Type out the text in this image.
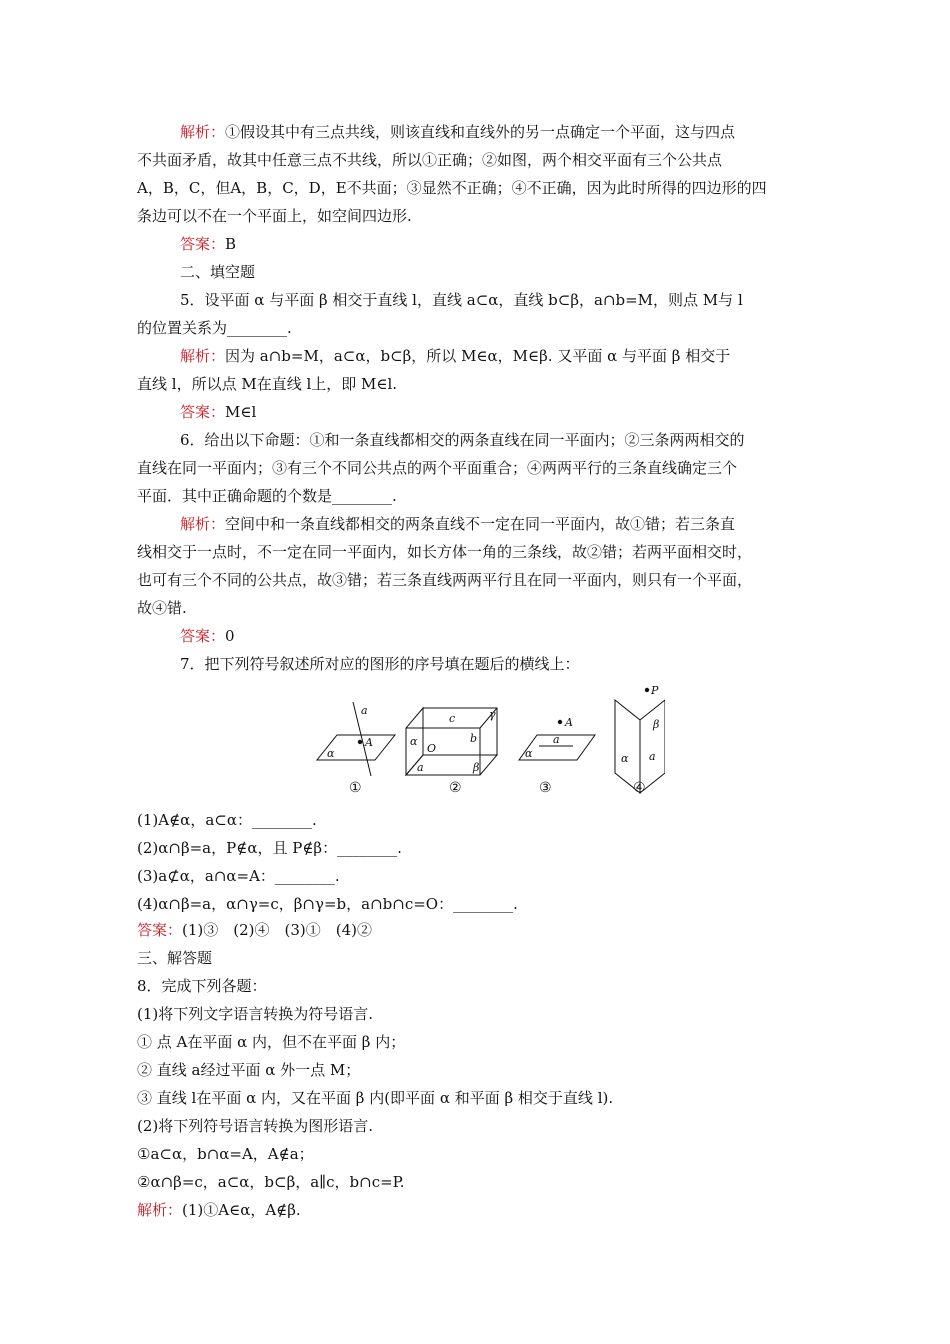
解析：①假设其中有三点共线，则该直线和直线外的另一点确定一个平面，这与四点
不共面矛盾，故其中任意三点不共线，所以①正确；②如图，两个相交平面有三个公共点
A，B，C，但A，B，C，D，E不共面；③显然不正确；④不正确，因为此时所得的四边形的四
条边可以不在一个平面上，如空间四边形.
答案：B
二、填空题
5．设平面 α 与平面 β 相交于直线 l，直线 a⊂α，直线 b⊂β，a∩b=M，则点 M与 l
的位置关系为________.
解析：因为 a∩b=M，a⊂α，b⊂β，所以 M∈α，M∈β. 又平面 α 与平面 β 相交于
直线 l，所以点 M在直线 l上，即 M∈l.
答案：M∈l
6．给出以下命题：①和一条直线都相交的两条直线在同一平面内；②三条两两相交的
直线在同一平面内；③有三个不同公共点的两个平面重合；④两两平行的三条直线确定三个
平面．其中正确命题的个数是________.
解析：空间中和一条直线都相交的两条直线不一定在同一平面内，故①错；若三条直
线相交于一点时，不一定在同一平面内，如长方体一角的三条线，故②错；若两平面相交时，
也可有三个不同的公共点，故③错；若三条直线两两平行且在同一平面内，则只有一个平面，
故④错.
答案：0
7．把下列符号叙述所对应的图形的序号填在题后的横线上：
a
A
α
①
c	γ
b
α
O
a	β
②
A
a
α
③
P
β
α a
④
(1)A∉α，a⊂α：________.
(2)α∩β=a，P∉α，且 P∉β：________.
(3)a⊄α，a∩α=A：________.
(4)α∩β=a，α∩γ=c，β∩γ=b，a∩b∩c=O：________.
答案：(1)③　(2)④　(3)①　(4)②
三、解答题
8．完成下列各题：
(1)将下列文字语言转换为符号语言.
① 点 A在平面 α 内，但不在平面 β 内；
② 直线 a经过平面 α 外一点 M；
③ 直线 l在平面 α 内，又在平面 β 内(即平面 α 和平面 β 相交于直线 l).
(2)将下列符号语言转换为图形语言.
①a⊂α，b∩α=A，A∉a；
②α∩β=c，a⊂α，b⊂β，a∥c，b∩c=P.
解析：(1)①A∈α，A∉β.
